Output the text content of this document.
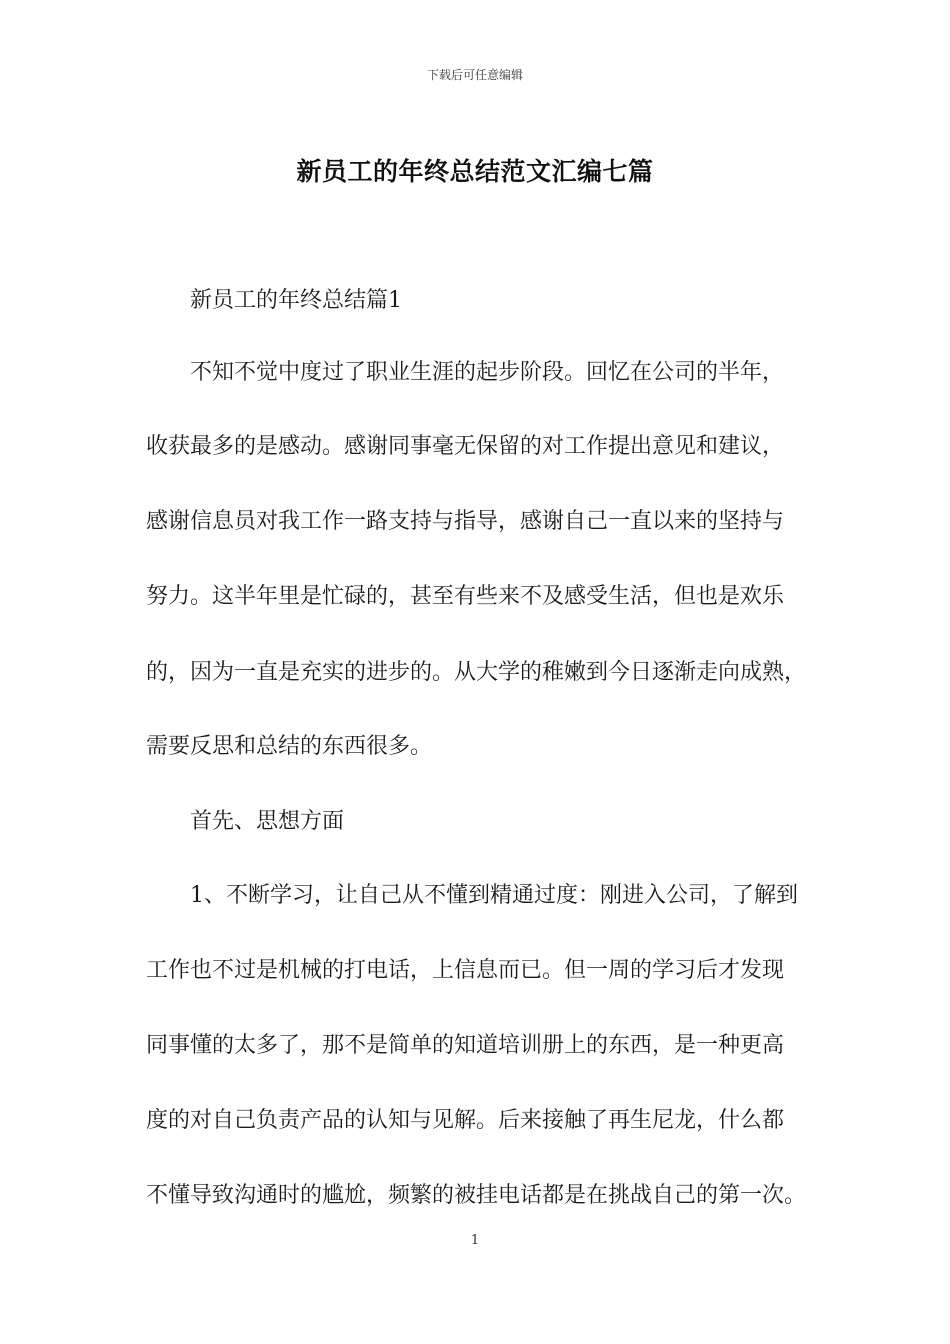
下载后可任意编辑
新员工的年终总结范文汇编七篇
新员工的年终总结篇1
不知不觉中度过了职业生涯的起步阶段。回忆在公司的半年，
收获最多的是感动。感谢同事毫无保留的对工作提出意见和建议，
感谢信息员对我工作一路支持与指导，感谢自己一直以来的坚持与
努力。这半年里是忙碌的，甚至有些来不及感受生活，但也是欢乐
的，因为一直是充实的进步的。从大学的稚嫩到今日逐渐走向成熟，
需要反思和总结的东西很多。
首先、思想方面
1、不断学习，让自己从不懂到精通过度：刚进入公司，了解到
工作也不过是机械的打电话，上信息而已。但一周的学习后才发现
同事懂的太多了，那不是简单的知道培训册上的东西，是一种更高
度的对自己负责产品的认知与见解。后来接触了再生尼龙，什么都
不懂导致沟通时的尴尬，频繁的被挂电话都是在挑战自己的第一次。
1
